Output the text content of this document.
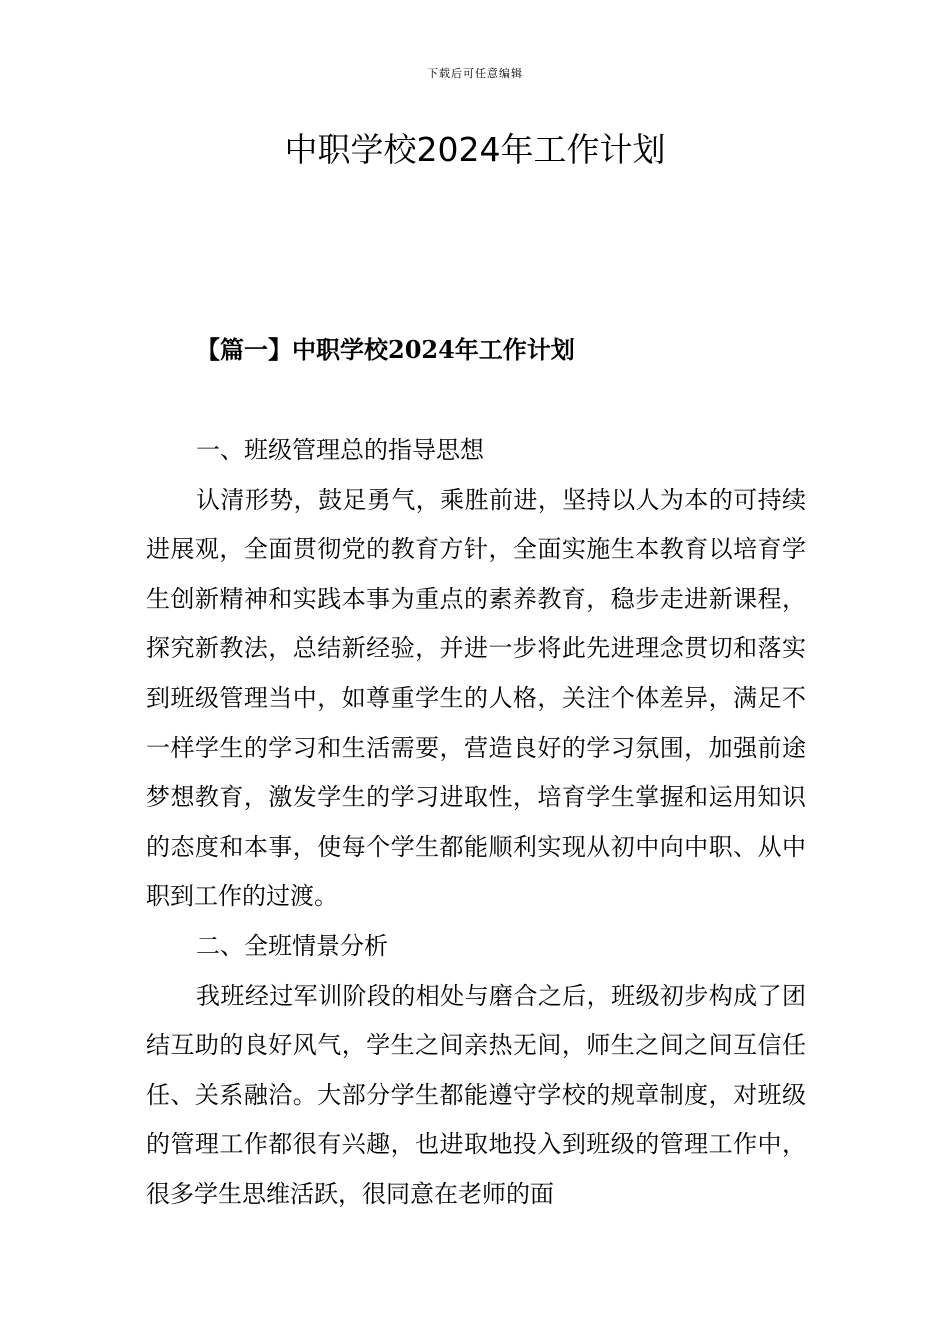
下载后可任意编辑
中职学校2024年工作计划
【篇一】中职学校2024年工作计划
一、班级管理总的指导思想

认清形势，鼓足勇气，乘胜前进，坚持以人为本的可持续进展观，全面贯彻党的教育方针，全面实施生本教育以培育学生创新精神和实践本事为重点的素养教育，稳步走进新课程，探究新教法，总结新经验，并进一步将此先进理念贯切和落实到班级管理当中，如尊重学生的人格，关注个体差异，满足不一样学生的学习和生活需要，营造良好的学习氛围，加强前途梦想教育，激发学生的学习进取性，培育学生掌握和运用知识的态度和本事，使每个学生都能顺利实现从初中向中职、从中职到工作的过渡。

二、全班情景分析

我班经过军训阶段的相处与磨合之后，班级初步构成了团结互助的良好风气，学生之间亲热无间，师生之间之间互信任任、关系融洽。大部分学生都能遵守学校的规章制度，对班级的管理工作都很有兴趣，也进取地投入到班级的管理工作中，很多学生思维活跃，很同意在老师的面
